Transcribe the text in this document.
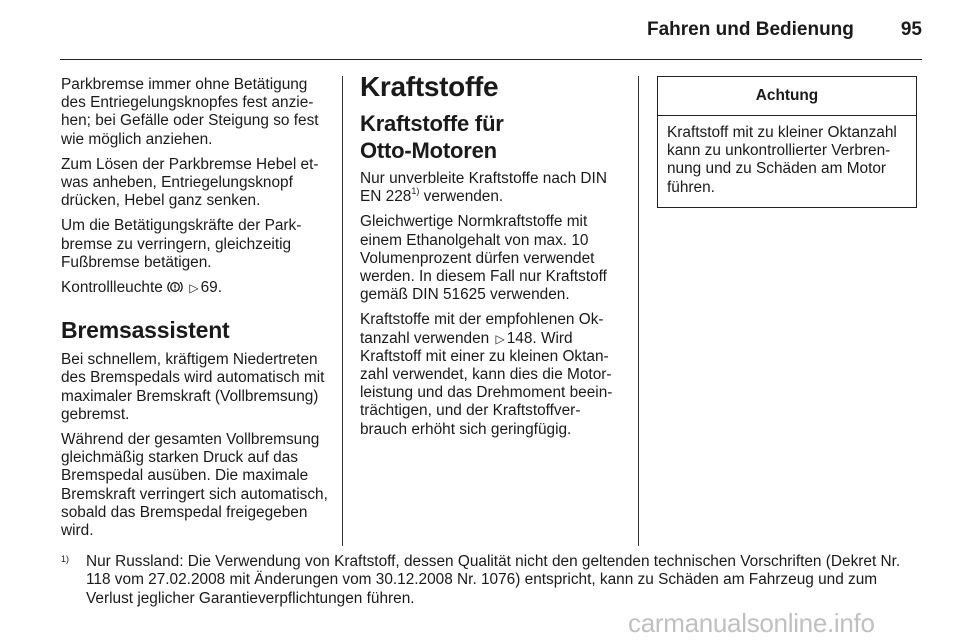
Fahren und Bedienung	95

Parkbremse immer ohne Betätigung des Entriegelungsknopfes fest anziehen; bei Gefälle oder Steigung so fest wie möglich anziehen.

Zum Lösen der Parkbremse Hebel etwas anheben, Entriegelungsknopf drücken, Hebel ganz senken.

Um die Betätigungskräfte der Parkbremse zu verringern, gleichzeitig Fußbremse betätigen.

Kontrollleuchte ▷ 69.

Bremsassistent

Bei schnellem, kräftigem Niedertreten des Bremspedals wird automatisch mit maximaler Bremskraft (Vollbremsung) gebremst.

Während der gesamten Vollbremsung gleichmäßig starken Druck auf das Bremspedal ausüben. Die maximale Bremskraft verringert sich automatisch, sobald das Bremspedal freigegeben wird.

Kraftstoffe
Kraftstoffe für
Otto-Motoren

Nur unverbleite Kraftstoffe nach DIN EN 228$^{1)}$ verwenden.

Gleichwertige Normkraftstoffe mit einem Ethanolgehalt von max. 10 Volumenprozent dürfen verwendet werden. In diesem Fall nur Kraftstoff gemäß DIN 51625 verwenden.

Kraftstoffe mit der empfohlenen Oktanzahl verwenden ▷ 148. Wird Kraftstoff mit einer zu kleinen Oktanzahl verwendet, kann dies die Motorleistung und das Drehmoment beeinträchtigen, und der Kraftstoffverbrauch erhöht sich geringfügig.

Achtung
Kraftstoff mit zu kleiner Oktanzahl kann zu unkontrollierter Verbrennung und zu Schäden am Motor führen.
1) Nur Russland: Die Verwendung von Kraftstoff, dessen Qualität nicht den geltenden technischen Vorschriften (Dekret Nr. 118 vom 27.02.2008 mit Änderungen vom 30.12.2008 Nr. 1076) entspricht, kann zu Schäden am Fahrzeug und zum Verlust jeglicher Garantieverpflichtungen führen.
carmanualsonline.info
